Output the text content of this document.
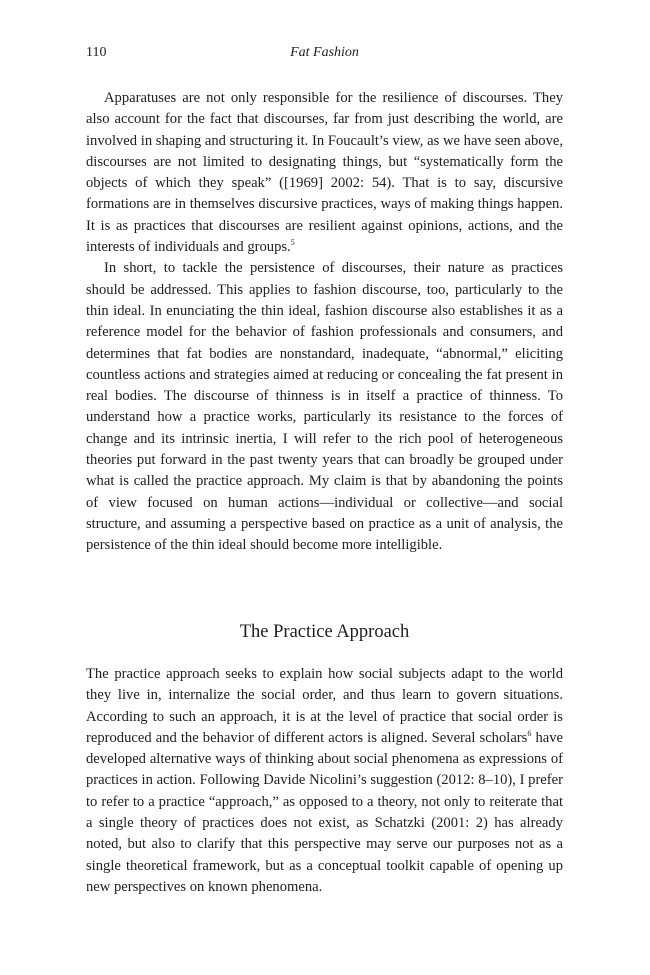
110	Fat Fashion

Apparatuses are not only responsible for the resilience of discourses. They also account for the fact that discourses, far from just describing the world, are involved in shaping and structuring it. In Foucault’s view, as we have seen above, discourses are not limited to designating things, but “systematically form the objects of which they speak” ([1969] 2002: 54). That is to say, discursive formations are in themselves discursive practices, ways of making things happen. It is as practices that discourses are resilient against opinions, actions, and the interests of individuals and groups.$^5$

In short, to tackle the persistence of discourses, their nature as practices should be addressed. This applies to fashion discourse, too, particularly to the thin ideal. In enunciating the thin ideal, fashion discourse also establishes it as a reference model for the behavior of fashion professionals and consumers, and determines that fat bodies are nonstandard, inadequate, “abnormal,” eliciting countless actions and strategies aimed at reducing or concealing the fat present in real bodies. The discourse of thinness is in itself a practice of thinness. To understand how a practice works, particularly its resistance to the forces of change and its intrinsic inertia, I will refer to the rich pool of heterogeneous theories put forward in the past twenty years that can broadly be grouped under what is called the practice approach. My claim is that by abandoning the points of view focused on human actions—individual or collective—and social structure, and assuming a perspective based on practice as a unit of analysis, the persistence of the thin ideal should become more intelligible.

The Practice Approach

The practice approach seeks to explain how social subjects adapt to the world they live in, internalize the social order, and thus learn to govern situations. According to such an approach, it is at the level of practice that social order is reproduced and the behavior of different actors is aligned. Several scholars$^6$ have developed alternative ways of thinking about social phenomena as expressions of practices in action. Following Davide Nicolini’s suggestion (2012: 8–10), I prefer to refer to a practice “approach,” as opposed to a theory, not only to reiterate that a single theory of practices does not exist, as Schatzki (2001: 2) has already noted, but also to clarify that this perspective may serve our purposes not as a single theoretical framework, but as a conceptual toolkit capable of opening up new perspectives on known phenomena.
